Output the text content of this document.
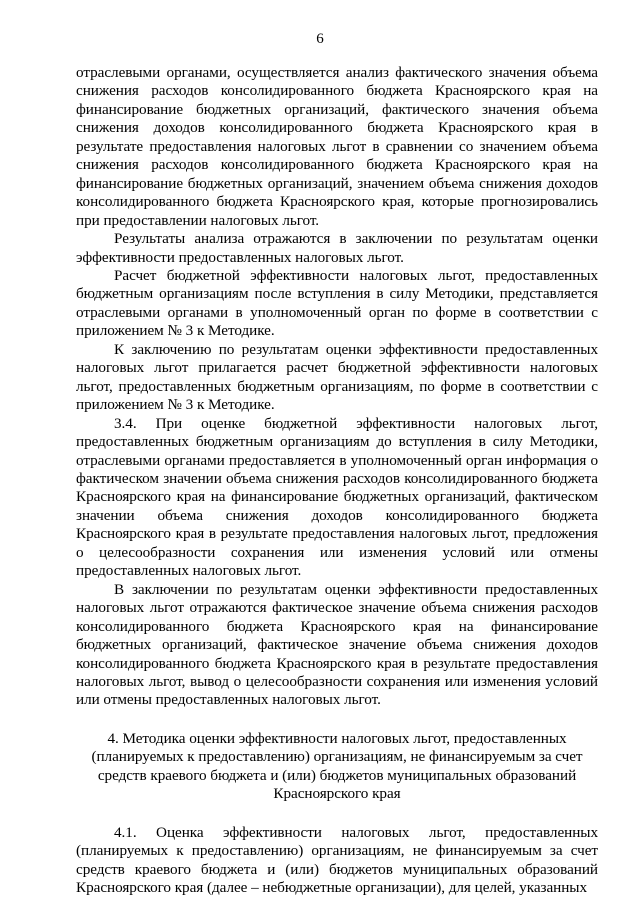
6

отраслевыми органами, осуществляется анализ фактического значения объема снижения расходов консолидированного бюджета Красноярского края на финансирование бюджетных организаций, фактического значения объема снижения доходов консолидированного бюджета Красноярского края в результате предоставления налоговых льгот в сравнении со значением объема снижения расходов консолидированного бюджета Красноярского края на финансирование бюджетных организаций, значением объема снижения доходов консолидированного бюджета Красноярского края, которые прогнозировались при предоставлении налоговых льгот.

Результаты анализа отражаются в заключении по результатам оценки эффективности предоставленных налоговых льгот.

Расчет бюджетной эффективности налоговых льгот, предоставленных бюджетным организациям после вступления в силу Методики, представляется отраслевыми органами в уполномоченный орган по форме в соответствии с приложением № 3 к Методике.

К заключению по результатам оценки эффективности предоставленных налоговых льгот прилагается расчет бюджетной эффективности налоговых льгот, предоставленных бюджетным организациям, по форме в соответствии с приложением № 3 к Методике.

3.4. При оценке бюджетной эффективности налоговых льгот, предоставленных бюджетным организациям до вступления в силу Методики, отраслевыми органами предоставляется в уполномоченный орган информация о фактическом значении объема снижения расходов консолидированного бюджета Красноярского края на финансирование бюджетных организаций, фактическом значении объема снижения доходов консолидированного бюджета Красноярского края в результате предоставления налоговых льгот, предложения о целесообразности сохранения или изменения условий или отмены предоставленных налоговых льгот.

В заключении по результатам оценки эффективности предоставленных налоговых льгот отражаются фактическое значение объема снижения расходов консолидированного бюджета Красноярского края на финансирование бюджетных организаций, фактическое значение объема снижения доходов консолидированного бюджета Красноярского края в результате предоставления налоговых льгот, вывод о целесообразности сохранения или изменения условий или отмены предоставленных налоговых льгот.

4. Методика оценки эффективности налоговых льгот, предоставленных
(планируемых к предоставлению) организациям, не финансируемым за счет
средств краевого бюджета и (или) бюджетов муниципальных образований
Красноярского края

4.1. Оценка эффективности налоговых льгот, предоставленных (планируемых к предоставлению) организациям, не финансируемым за счет средств краевого бюджета и (или) бюджетов муниципальных образований Красноярского края (далее – небюджетные организации), для целей, указанных
